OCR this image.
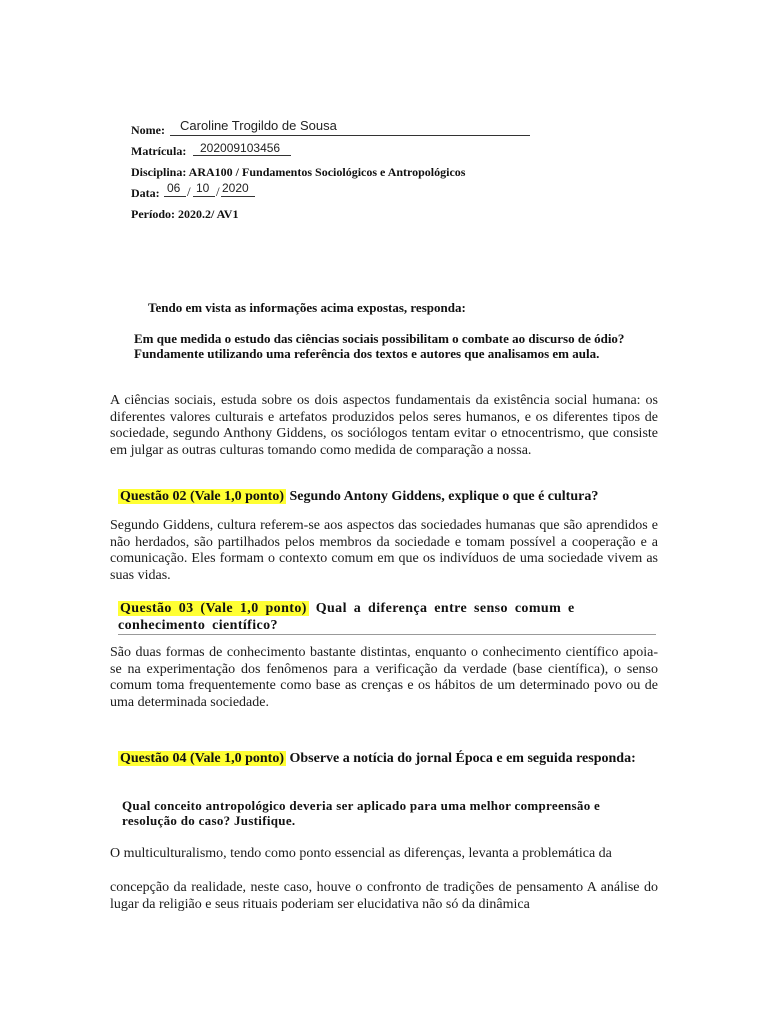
Nome: Caroline Trogildo de Sousa
Matrícula: 202009103456
Disciplina: ARA100 / Fundamentos Sociológicos e Antropológicos
Data: 06 / 10 / 2020
Período: 2020.2/ AV1
Tendo em vista as informações acima expostas, responda:
Em que medida o estudo das ciências sociais possibilitam o combate ao discurso de ódio? Fundamente utilizando uma referência dos textos e autores que analisamos em aula.
A ciências sociais, estuda sobre os dois aspectos fundamentais da existência social humana: os diferentes valores culturais e artefatos produzidos pelos seres humanos, e os diferentes tipos de sociedade, segundo Anthony Giddens, os sociólogos tentam evitar o etnocentrismo, que consiste em julgar as outras culturas tomando como medida de comparação a nossa.
Questão 02 (Vale 1,0 ponto) Segundo Antony Giddens, explique o que é cultura?
Segundo Giddens, cultura referem-se aos aspectos das sociedades humanas que são aprendidos e não herdados, são partilhados pelos membros da sociedade e tomam possível a cooperação e a comunicação. Eles formam o contexto comum em que os indivíduos de uma sociedade vivem as suas vidas.
Questão 03 (Vale 1,0 ponto) Qual a diferença entre senso comum e conhecimento científico?
São duas formas de conhecimento bastante distintas, enquanto o conhecimento científico apoia-se na experimentação dos fenômenos para a verificação da verdade (base científica), o senso comum toma frequentemente como base as crenças e os hábitos de um determinado povo ou de uma determinada sociedade.
Questão 04 (Vale 1,0 ponto) Observe a notícia do jornal Época e em seguida responda:
Qual conceito antropológico deveria ser aplicado para uma melhor compreensão e resolução do caso? Justifique.
O multiculturalismo, tendo como ponto essencial as diferenças, levanta a problemática da
concepção da realidade, neste caso, houve o confronto de tradições de pensamento A análise do lugar da religião e seus rituais poderiam ser elucidativa não só da dinâmica
